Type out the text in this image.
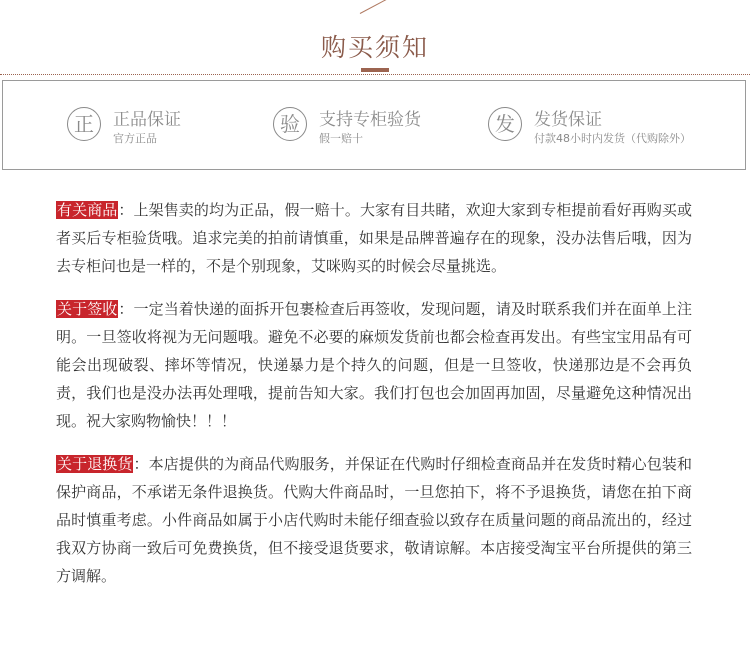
购买须知
正	正品保证
官方正品
验	支持专柜验货
假一赔十
发	发货保证
付款48小时内发货（代购除外）

有关商品：上架售卖的均为正品，假一赔十。大家有目共睹，欢迎大家到专柜提前看好再购买或者买后专柜验货哦。追求完美的拍前请慎重，如果是品牌普遍存在的现象，没办法售后哦，因为去专柜问也是一样的，不是个别现象，艾咪购买的时候会尽量挑选。

关于签收：一定当着快递的面拆开包裹检查后再签收，发现问题，请及时联系我们并在面单上注明。一旦签收将视为无问题哦。避免不必要的麻烦发货前也都会检查再发出。有些宝宝用品有可能会出现破裂、摔坏等情况，快递暴力是个持久的问题，但是一旦签收，快递那边是不会再负责，我们也是没办法再处理哦，提前告知大家。我们打包也会加固再加固，尽量避免这种情况出现。祝大家购物愉快！！！

关于退换货：本店提供的为商品代购服务，并保证在代购时仔细检查商品并在发货时精心包装和保护商品，不承诺无条件退换货。代购大件商品时，一旦您拍下，将不予退换货，请您在拍下商品时慎重考虑。小件商品如属于小店代购时未能仔细查验以致存在质量问题的商品流出的，经过我双方协商一致后可免费换货，但不接受退货要求，敬请谅解。本店接受淘宝平台所提供的第三方调解。
